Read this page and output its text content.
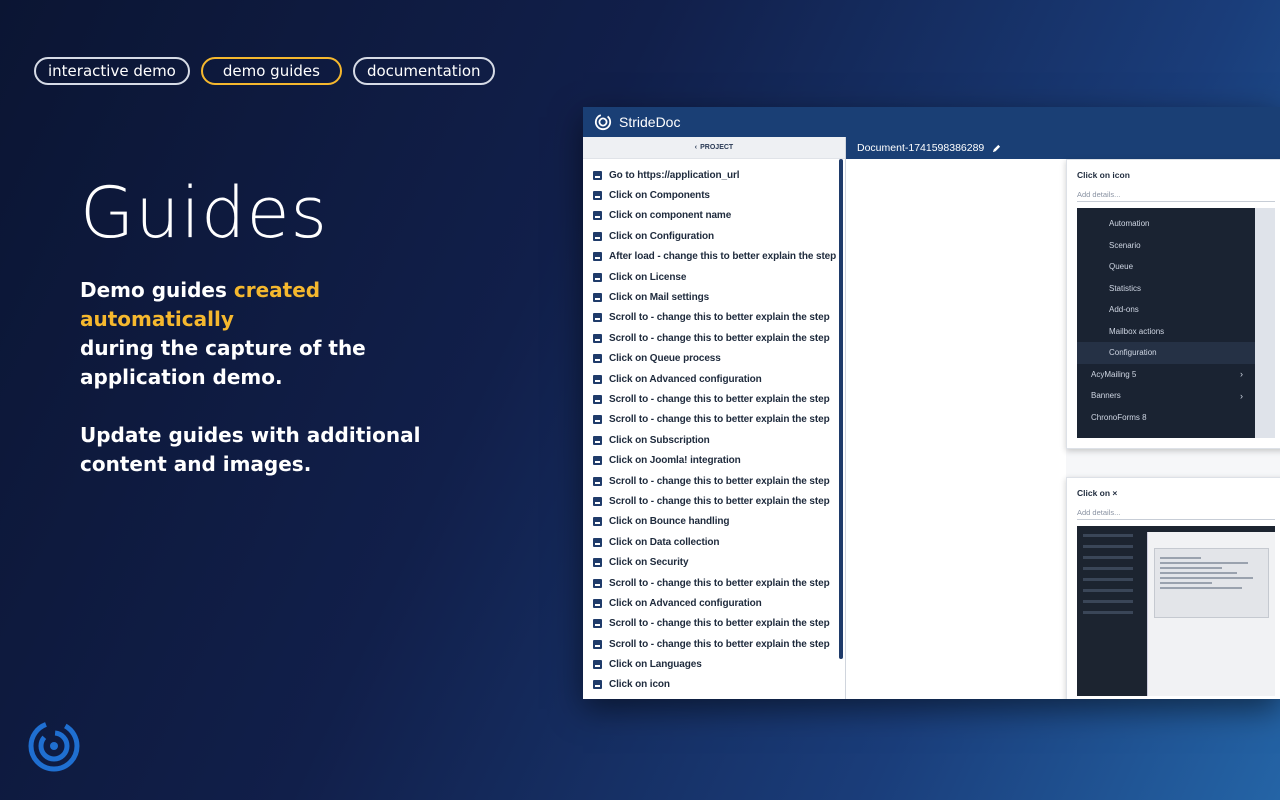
interactive demo	demo guides	documentation
Guides

Demo guides created automatically
during the capture of the application demo.

Update guides with additional content and images.

StrideDoc
‹ PROJECT
Go to https://application_url
Click on Components
Click on component name
Click on Configuration
After load - change this to better explain the step
Click on License
Click on Mail settings
Scroll to - change this to better explain the step
Scroll to - change this to better explain the step
Click on Queue process
Click on Advanced configuration
Scroll to - change this to better explain the step
Scroll to - change this to better explain the step
Click on Subscription
Click on Joomla! integration
Scroll to - change this to better explain the step
Scroll to - change this to better explain the step
Click on Bounce handling
Click on Data collection
Click on Security
Scroll to - change this to better explain the step
Click on Advanced configuration
Scroll to - change this to better explain the step
Scroll to - change this to better explain the step
Click on Languages
Click on icon
Document-1741598386289
Click on icon
Add details...
Automation
Scenario
Queue
Statistics
Add-ons
Mailbox actions
Configuration
AcyMailing 5	›
Banners	›
ChronoForms 8
Click on ×
Add details...
